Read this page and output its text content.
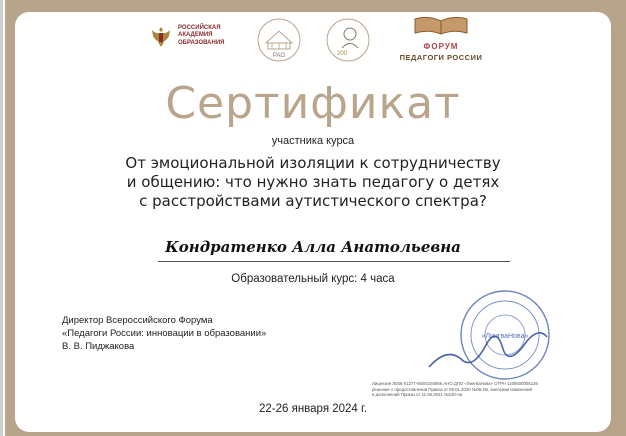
РОССИЙСКАЯ
АКАДЕМИЯ
ОБРАЗОВАНИЯ
РАО	200
ФОРУМ
ПЕДАГОГИ РОССИИ
Сертификат
участника курса
От эмоциональной изоляции к сотрудничеству
и общению: что нужно знать педагогу о детях
с расстройствами аутистического спектра?
Кондратенко Алла Анатольевна
Образовательный курс: 4 часа
Директор Всероссийского Форума
«Педагоги России: инновации в образовании»
В. В. Пиджакова
«ЛингваНова»
Лицензия Л035-01277-66/00193666 АНО ДПО «ЛингваНова» ОГРН 1106600005126
решение о предоставлении Приказ от 09.01.2020 №06-Ли, внесении изменений
и дополнений Приказ от 11.06.2021 №230-ли
22-26 января 2024 г.
